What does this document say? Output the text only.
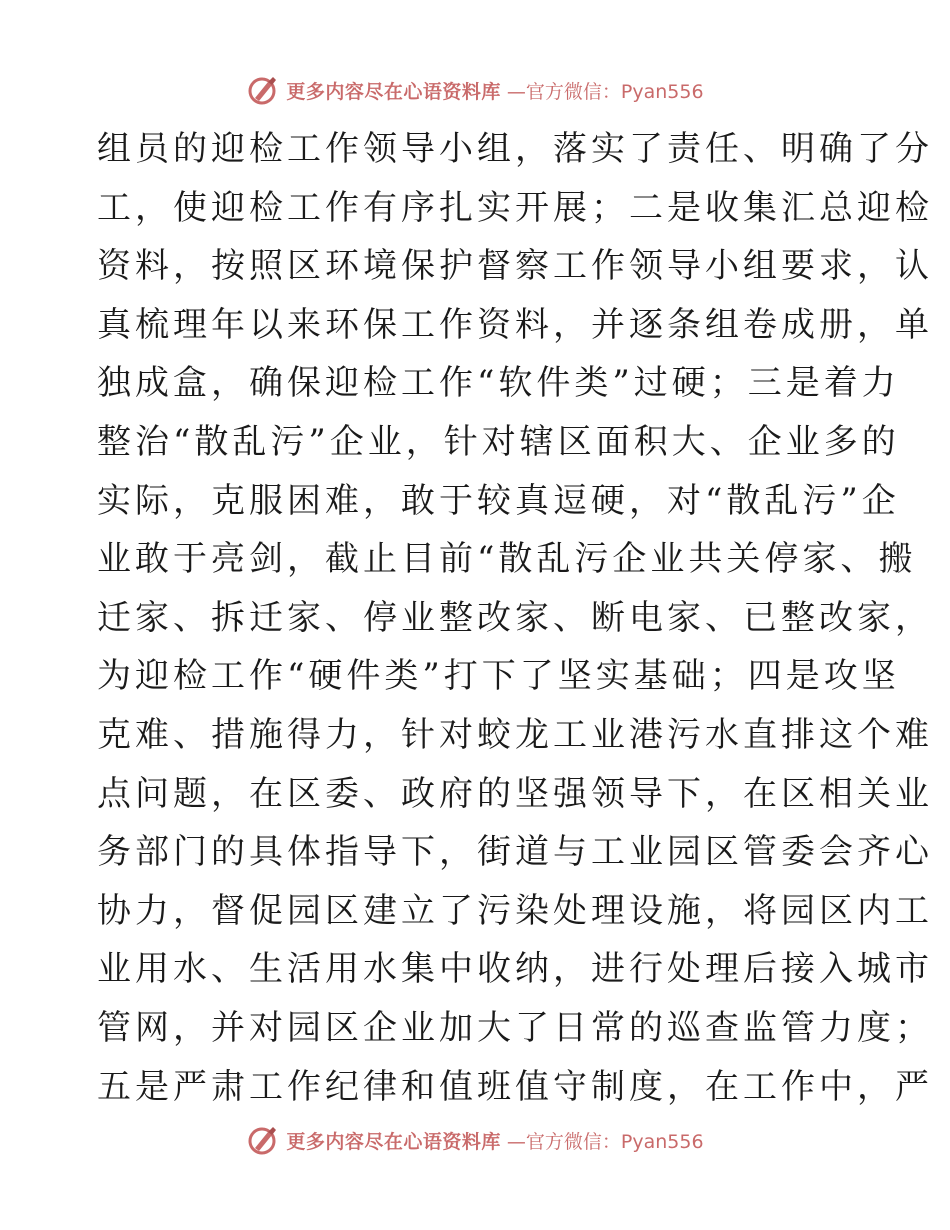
更多内容尽在心语资料库 —官方微信：Pyan556
组员的迎检工作领导小组，落实了责任、明确了分
工，使迎检工作有序扎实开展；二是收集汇总迎检
资料，按照区环境保护督察工作领导小组要求，认
真梳理年以来环保工作资料，并逐条组卷成册，单
独成盒，确保迎检工作“软件类”过硬；三是着力
整治“散乱污”企业，针对辖区面积大、企业多的
实际，克服困难，敢于较真逗硬，对“散乱污”企
业敢于亮剑，截止目前“散乱污企业共关停家、搬
迁家、拆迁家、停业整改家、断电家、已整改家，
为迎检工作“硬件类”打下了坚实基础；四是攻坚
克难、措施得力，针对蛟龙工业港污水直排这个难
点问题，在区委、政府的坚强领导下，在区相关业
务部门的具体指导下，街道与工业园区管委会齐心
协力，督促园区建立了污染处理设施，将园区内工
业用水、生活用水集中收纳，进行处理后接入城市
管网，并对园区企业加大了日常的巡查监管力度；
五是严肃工作纪律和值班值守制度，在工作中，严
更多内容尽在心语资料库 —官方微信：Pyan556
